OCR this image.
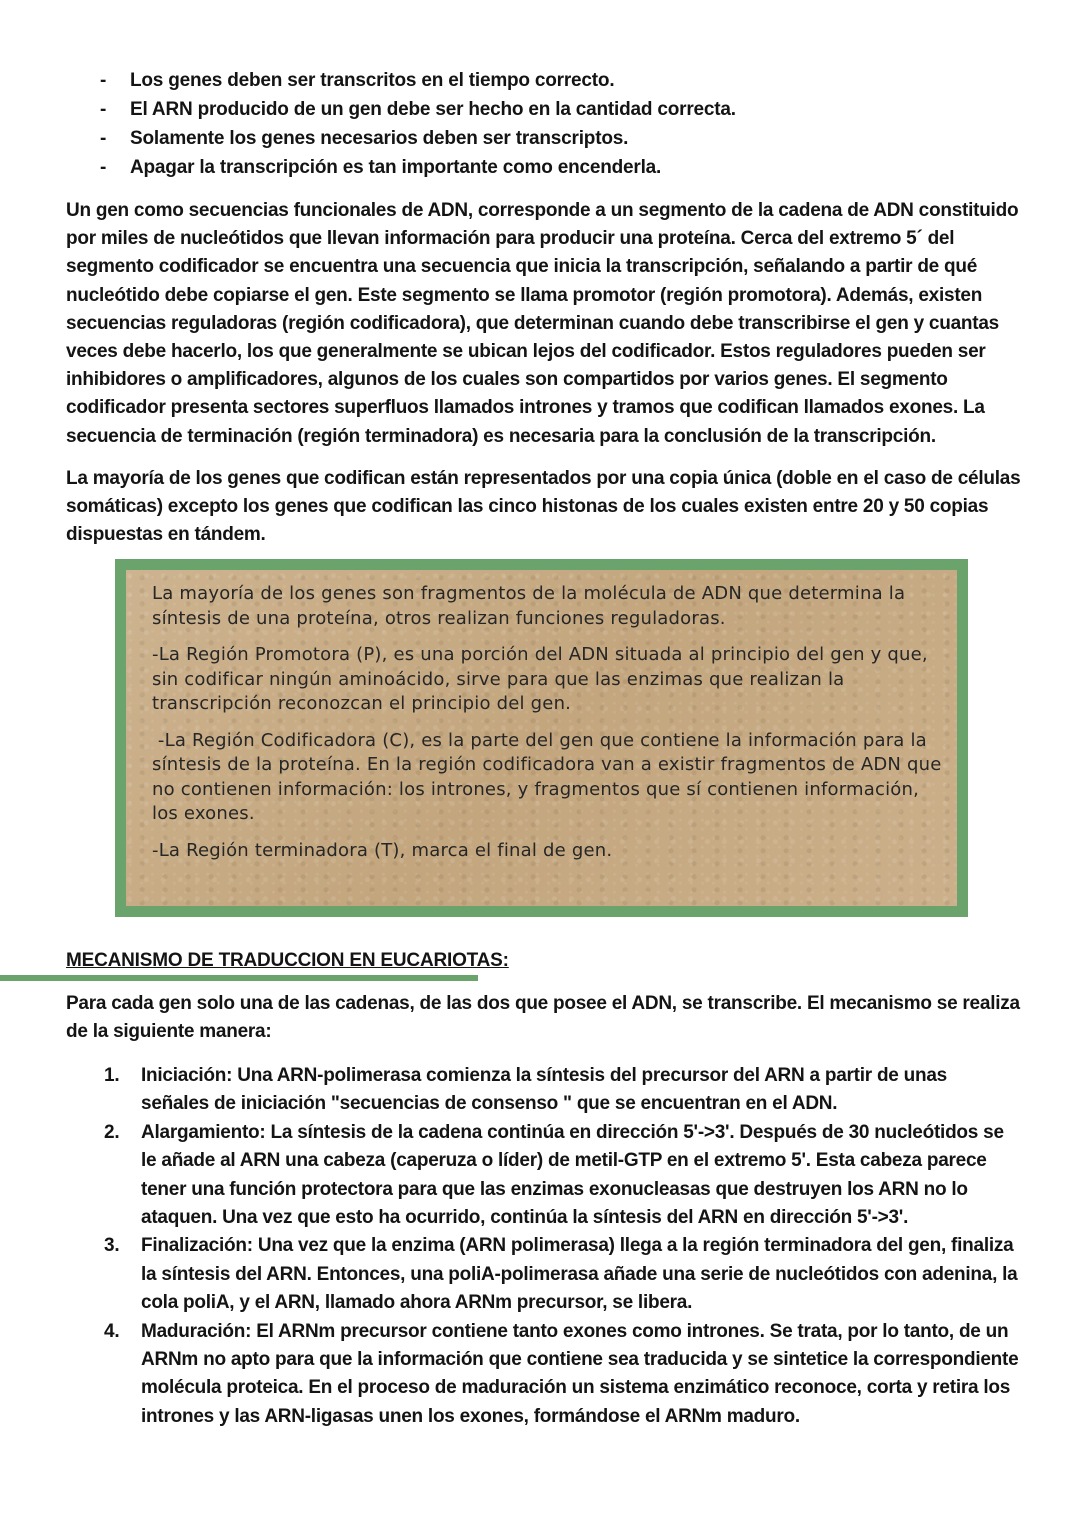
- Los genes deben ser transcritos en el tiempo correcto.
- El ARN producido de un gen debe ser hecho en la cantidad correcta.
- Solamente los genes necesarios deben ser transcriptos.
- Apagar la transcripción es tan importante como encenderla.

Un gen como secuencias funcionales de ADN, corresponde a un segmento de la cadena de ADN constituido por miles de nucleótidos que llevan información para producir una proteína. Cerca del extremo 5´ del segmento codificador se encuentra una secuencia que inicia la transcripción, señalando a partir de qué nucleótido debe copiarse el gen. Este segmento se llama promotor (región promotora). Además, existen secuencias reguladoras (región codificadora), que determinan cuando debe transcribirse el gen y cuantas veces debe hacerlo, los que generalmente se ubican lejos del codificador. Estos reguladores pueden ser inhibidores o amplificadores, algunos de los cuales son compartidos por varios genes. El segmento codificador presenta sectores superfluos llamados intrones y tramos que codifican llamados exones. La secuencia de terminación (región terminadora) es necesaria para la conclusión de la transcripción.

La mayoría de los genes que codifican están representados por una copia única (doble en el caso de células somáticas) excepto los genes que codifican las cinco histonas de los cuales existen entre 20 y 50 copias dispuestas en tándem.

La mayoría de los genes son fragmentos de la molécula de ADN que determina la síntesis de una proteína, otros realizan funciones reguladoras.

-La Región Promotora (P), es una porción del ADN situada al principio del gen y que, sin codificar ningún aminoácido, sirve para que las enzimas que realizan la transcripción reconozcan el principio del gen.

-La Región Codificadora (C), es la parte del gen que contiene la información para la síntesis de la proteína. En la región codificadora van a existir fragmentos de ADN que no contienen información: los intrones, y fragmentos que sí contienen información, los exones.

-La Región terminadora (T), marca el final de gen.

MECANISMO DE TRADUCCION EN EUCARIOTAS:

Para cada gen solo una de las cadenas, de las dos que posee el ADN, se transcribe. El mecanismo se realiza de la siguiente manera:

1. Iniciación: Una ARN-polimerasa comienza la síntesis del precursor del ARN a partir de unas señales de iniciación "secuencias de consenso " que se encuentran en el ADN.
2. Alargamiento: La síntesis de la cadena continúa en dirección 5'->3'. Después de 30 nucleótidos se le añade al ARN una cabeza (caperuza o líder) de metil-GTP en el extremo 5'. Esta cabeza parece tener una función protectora para que las enzimas exonucleasas que destruyen los ARN no lo ataquen. Una vez que esto ha ocurrido, continúa la síntesis del ARN en dirección 5'->3'.
3. Finalización: Una vez que la enzima (ARN polimerasa) llega a la región terminadora del gen, finaliza la síntesis del ARN. Entonces, una poliA-polimerasa añade una serie de nucleótidos con adenina, la cola poliA, y el ARN, llamado ahora ARNm precursor, se libera.
4. Maduración: El ARNm precursor contiene tanto exones como intrones. Se trata, por lo tanto, de un ARNm no apto para que la información que contiene sea traducida y se sintetice la correspondiente molécula proteica. En el proceso de maduración un sistema enzimático reconoce, corta y retira los intrones y las ARN-ligasas unen los exones, formándose el ARNm maduro.
